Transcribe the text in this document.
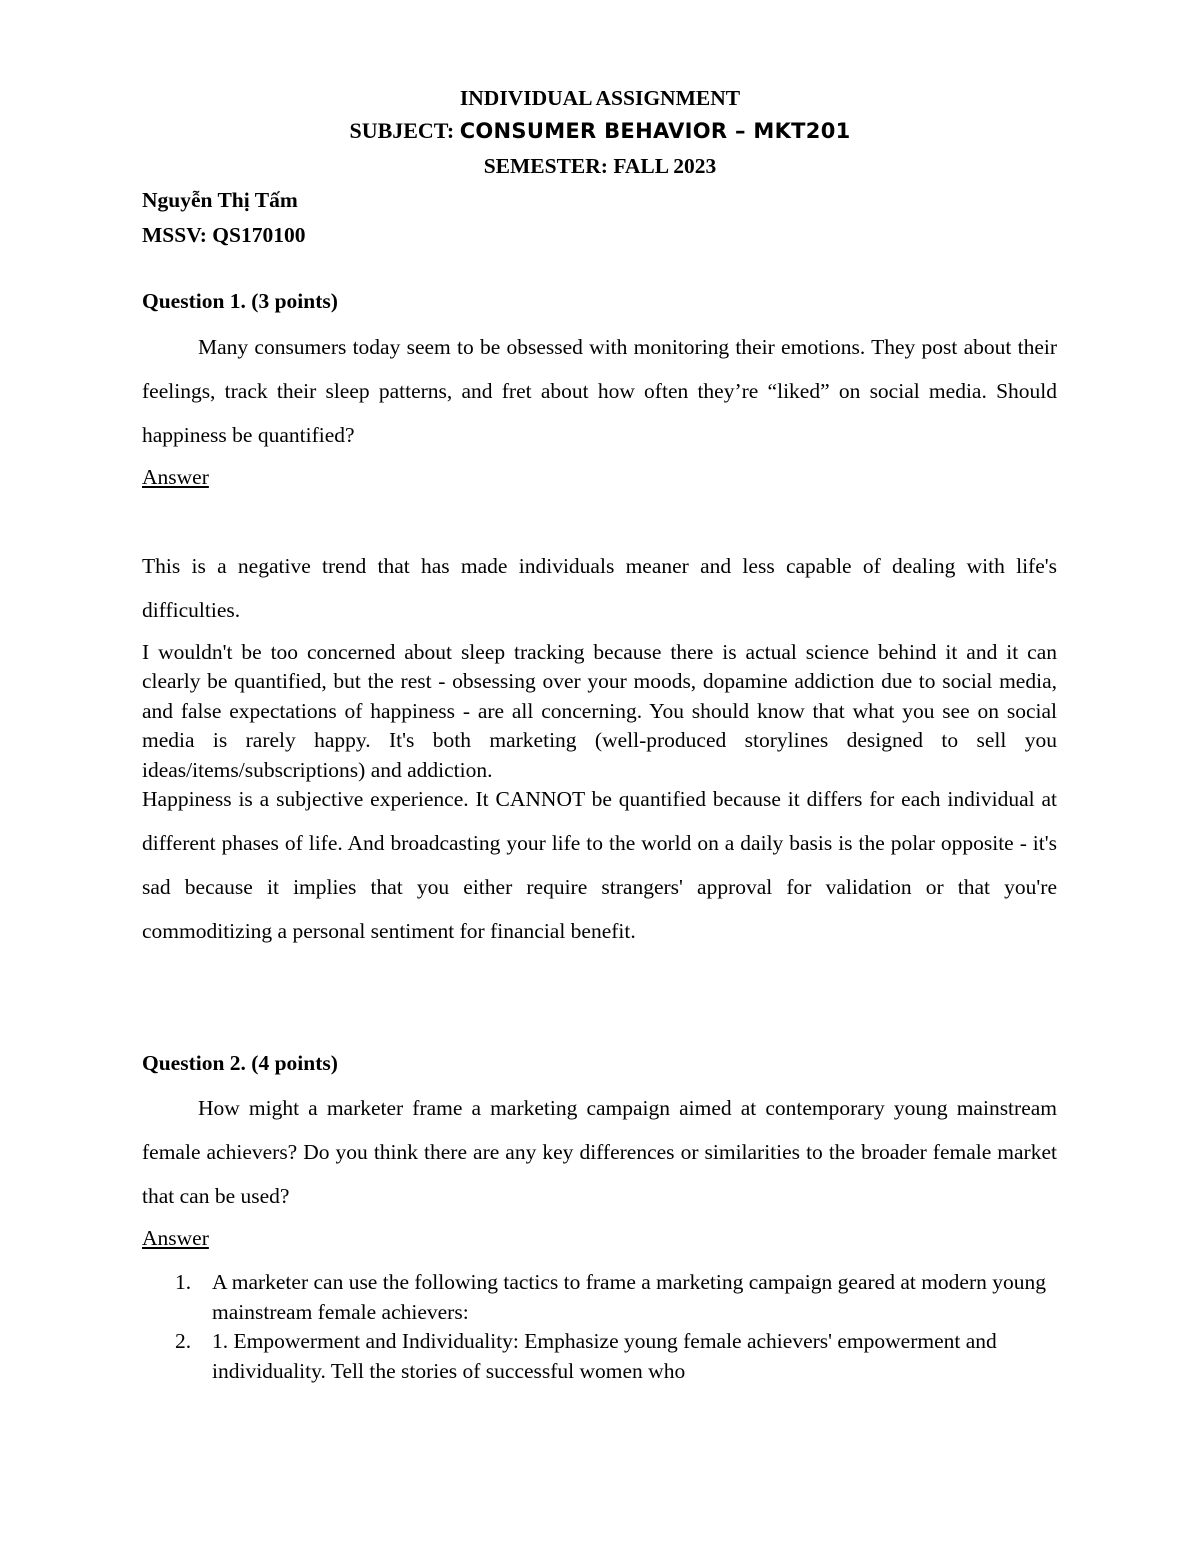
INDIVIDUAL ASSIGNMENT
SUBJECT: CONSUMER BEHAVIOR – MKT201
SEMESTER: FALL 2023
Nguyễn Thị Tấm
MSSV: QS170100
Question 1. (3 points)
Many consumers today seem to be obsessed with monitoring their emotions. They post about their feelings, track their sleep patterns, and fret about how often they’re “liked” on social media. Should happiness be quantified?
Answer
This is a negative trend that has made individuals meaner and less capable of dealing with life's difficulties.
I wouldn't be too concerned about sleep tracking because there is actual science behind it and it can clearly be quantified, but the rest - obsessing over your moods, dopamine addiction due to social media, and false expectations of happiness - are all concerning. You should know that what you see on social media is rarely happy. It's both marketing (well-produced storylines designed to sell you ideas/items/subscriptions) and addiction.
Happiness is a subjective experience. It CANNOT be quantified because it differs for each individual at different phases of life. And broadcasting your life to the world on a daily basis is the polar opposite - it's sad because it implies that you either require strangers' approval for validation or that you're commoditizing a personal sentiment for financial benefit.
Question 2. (4 points)
How might a marketer frame a marketing campaign aimed at contemporary young mainstream female achievers? Do you think there are any key differences or similarities to the broader female market that can be used?
Answer
1. A marketer can use the following tactics to frame a marketing campaign geared at modern young mainstream female achievers:
2. 1. Empowerment and Individuality: Emphasize young female achievers' empowerment and individuality. Tell the stories of successful women who
